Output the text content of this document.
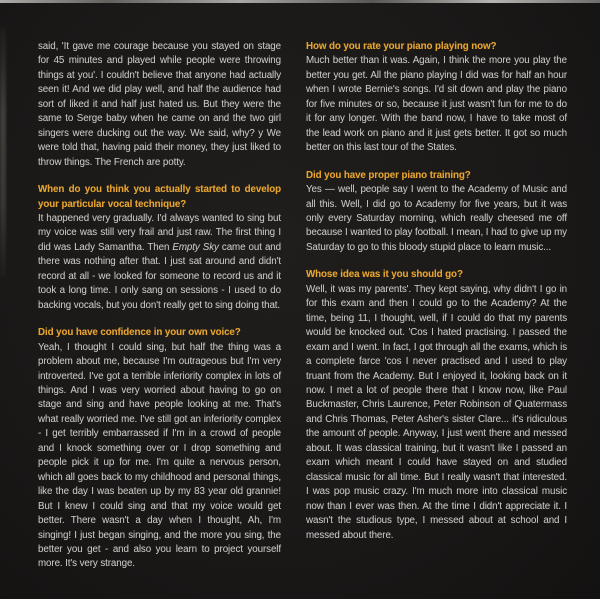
said, 'It gave me courage because you stayed on stage for 45 minutes and played while people were throwing things at you'. I couldn't believe that anyone had actually seen it! And we did play well, and half the audience had sort of liked it and half just hated us. But they were the same to Serge baby when he came on and the two girl singers were ducking out the way. We said, why? y We were told that, having paid their money, they just liked to throw things. The French are potty.

When do you think you actually started to develop your particular vocal technique?

It happened very gradually. I'd always wanted to sing but my voice was still very frail and just raw. The first thing I did was Lady Samantha. Then Empty Sky came out and there was nothing after that. I just sat around and didn't record at all - we looked for someone to record us and it took a long time. I only sang on sessions - I used to do backing vocals, but you don't really get to sing doing that.

Did you have confidence in your own voice?

Yeah, I thought I could sing, but half the thing was a problem about me, because I'm outrageous but I'm very introverted. I've got a terrible inferiority complex in lots of things. And I was very worried about having to go on stage and sing and have people looking at me. That's what really worried me. I've still got an inferiority complex - I get terribly embarrassed if I'm in a crowd of people and I knock something over or I drop something and people pick it up for me. I'm quite a nervous person, which all goes back to my childhood and personal things, like the day I was beaten up by my 83 year old grannie! But I knew I could sing and that my voice would get better. There wasn't a day when I thought, Ah, I'm singing! I just began singing, and the more you sing, the better you get - and also you learn to project yourself more. It's very strange.

How do you rate your piano playing now?

Much better than it was. Again, I think the more you play the better you get. All the piano playing I did was for half an hour when I wrote Bernie's songs. I'd sit down and play the piano for five minutes or so, because it just wasn't fun for me to do it for any longer. With the band now, I have to take most of the lead work on piano and it just gets better. It got so much better on this last tour of the States.

Did you have proper piano training?

Yes — well, people say I went to the Academy of Music and all this. Well, I did go to Academy for five years, but it was only every Saturday morning, which really cheesed me off because I wanted to play football. I mean, I had to give up my Saturday to go to this bloody stupid place to learn music...

Whose idea was it you should go?

Well, it was my parents'. They kept saying, why didn't I go in for this exam and then I could go to the Academy? At the time, being 11, I thought, well, if I could do that my parents would be knocked out. 'Cos I hated practising. I passed the exam and I went. In fact, I got through all the exams, which is a complete farce 'cos I never practised and I used to play truant from the Academy. But I enjoyed it, looking back on it now. I met a lot of people there that I know now, like Paul Buckmaster, Chris Laurence, Peter Robinson of Quatermass and Chris Thomas, Peter Asher's sister Clare... it's ridiculous the amount of people. Anyway, I just went there and messed about. It was classical training, but it wasn't like I passed an exam which meant I could have stayed on and studied classical music for all time. But I really wasn't that interested. I was pop music crazy. I'm much more into classical music now than I ever was then. At the time I didn't appreciate it. I wasn't the studious type, I messed about at school and I messed about there.
